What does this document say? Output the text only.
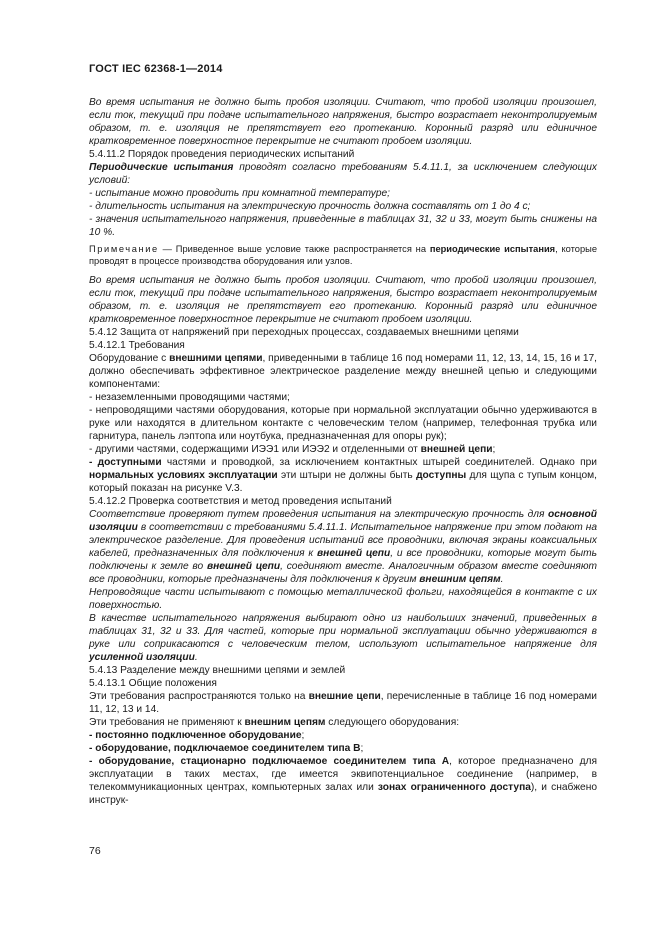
ГОСТ IEC 62368-1—2014

Во время испытания не должно быть пробоя изоляции. Считают, что пробой изоляции произошел, если ток, текущий при подаче испытательного напряжения, быстро возрастает неконтролируемым образом, т. е. изоляция не препятствует его протеканию. Коронный разряд или единичное кратковременное поверхностное перекрытие не считают пробоем изоляции.

5.4.11.2 Порядок проведения периодических испытаний

Периодические испытания проводят согласно требованиям 5.4.11.1, за исключением следующих условий:

- испытание можно проводить при комнатной температуре;

- длительность испытания на электрическую прочность должна составлять от 1 до 4 с;

- значения испытательного напряжения, приведенные в таблицах 31, 32 и 33, могут быть снижены на 10 %.

Примечание — Приведенное выше условие также распространяется на периодические испытания, которые проводят в процессе производства оборудования или узлов.

Во время испытания не должно быть пробоя изоляции. Считают, что пробой изоляции произошел, если ток, текущий при подаче испытательного напряжения, быстро возрастает неконтролируемым образом, т. е. изоляция не препятствует его протеканию. Коронный разряд или единичное кратковременное поверхностное перекрытие не считают пробоем изоляции.

5.4.12 Защита от напряжений при переходных процессах, создаваемых внешними цепями

5.4.12.1 Требования

Оборудование с внешними цепями, приведенными в таблице 16 под номерами 11, 12, 13, 14, 15, 16 и 17, должно обеспечивать эффективное электрическое разделение между внешней цепью и следующими компонентами:

- незаземленными проводящими частями;

- непроводящими частями оборудования, которые при нормальной эксплуатации обычно удерживаются в руке или находятся в длительном контакте с человеческим телом (например, телефонная трубка или гарнитура, панель лэптопа или ноутбука, предназначенная для опоры рук);

- другими частями, содержащими ИЭЭ1 или ИЭЭ2 и отделенными от внешней цепи;

- доступными частями и проводкой, за исключением контактных штырей соединителей. Однако при нормальных условиях эксплуатации эти штыри не должны быть доступны для щупа с тупым концом, который показан на рисунке V.3.

5.4.12.2 Проверка соответствия и метод проведения испытаний

Соответствие проверяют путем проведения испытания на электрическую прочность для основной изоляции в соответствии с требованиями 5.4.11.1. Испытательное напряжение при этом подают на электрическое разделение. Для проведения испытаний все проводники, включая экраны коаксиальных кабелей, предназначенных для подключения к внешней цепи, и все проводники, которые могут быть подключены к земле во внешней цепи, соединяют вместе. Аналогичным образом вместе соединяют все проводники, которые предназначены для подключения к другим внешним цепям.

Непроводящие части испытывают с помощью металлической фольги, находящейся в контакте с их поверхностью.

В качестве испытательного напряжения выбирают одно из наибольших значений, приведенных в таблицах 31, 32 и 33. Для частей, которые при нормальной эксплуатации обычно удерживаются в руке или соприкасаются с человеческим телом, используют испытательное напряжение для усиленной изоляции.

5.4.13 Разделение между внешними цепями и землей

5.4.13.1 Общие положения

Эти требования распространяются только на внешние цепи, перечисленные в таблице 16 под номерами 11, 12, 13 и 14.

Эти требования не применяют к внешним цепям следующего оборудования:

- постоянно подключенное оборудование;

- оборудование, подключаемое соединителем типа В;

- оборудование, стационарно подключаемое соединителем типа А, которое предназначено для эксплуатации в таких местах, где имеется эквипотенциальное соединение (например, в телекоммуникационных центрах, компьютерных залах или зонах ограниченного доступа), и снабжено инструк-

76
